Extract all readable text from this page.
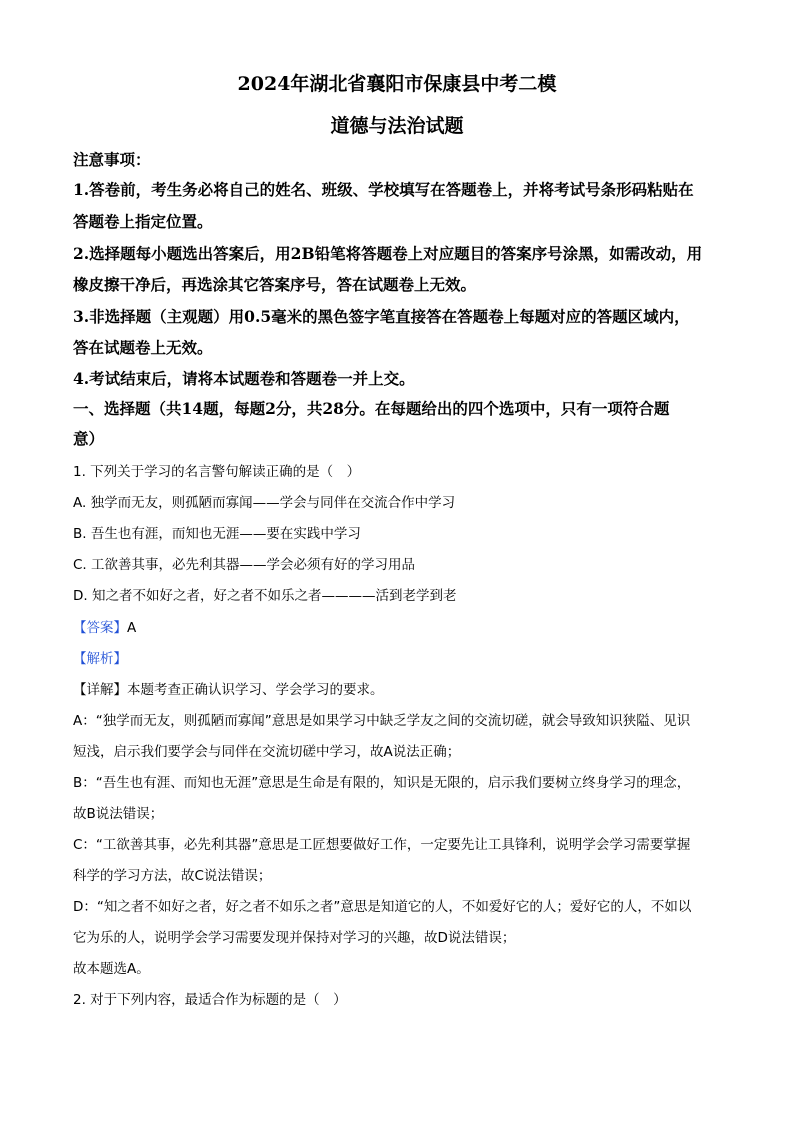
2024年湖北省襄阳市保康县中考二模
道德与法治试题
注意事项：
1.答卷前，考生务必将自己的姓名、班级、学校填写在答题卷上，并将考试号条形码粘贴在
答题卷上指定位置。
2.选择题每小题选出答案后，用2B铅笔将答题卷上对应题目的答案序号涂黑，如需改动，用
橡皮擦干净后，再选涂其它答案序号，答在试题卷上无效。
3.非选择题（主观题）用0.5毫米的黑色签字笔直接答在答题卷上每题对应的答题区域内，
答在试题卷上无效。
4.考试结束后，请将本试题卷和答题卷一并上交。
一、选择题（共14题，每题2分，共28分。在每题给出的四个选项中，只有一项符合题
意）
1. 下列关于学习的名言警句解读正确的是（　）
A. 独学而无友，则孤陋而寡闻——学会与同伴在交流合作中学习
B. 吾生也有涯，而知也无涯——要在实践中学习
C. 工欲善其事，必先利其器——学会必须有好的学习用品
D. 知之者不如好之者，好之者不如乐之者————活到老学到老
【答案】A
【解析】
【详解】本题考查正确认识学习、学会学习的要求。
A：“独学而无友，则孤陋而寡闻”意思是如果学习中缺乏学友之间的交流切磋，就会导致知识狭隘、见识
短浅，启示我们要学会与同伴在交流切磋中学习，故A说法正确；
B：“吾生也有涯、而知也无涯”意思是生命是有限的，知识是无限的，启示我们要树立终身学习的理念，
故B说法错误；
C：“工欲善其事，必先利其器”意思是工匠想要做好工作，一定要先让工具锋利，说明学会学习需要掌握
科学的学习方法，故C说法错误；
D：“知之者不如好之者，好之者不如乐之者”意思是知道它的人，不如爱好它的人；爱好它的人，不如以
它为乐的人，说明学会学习需要发现并保持对学习的兴趣，故D说法错误；
故本题选A。
2. 对于下列内容，最适合作为标题的是（　）
